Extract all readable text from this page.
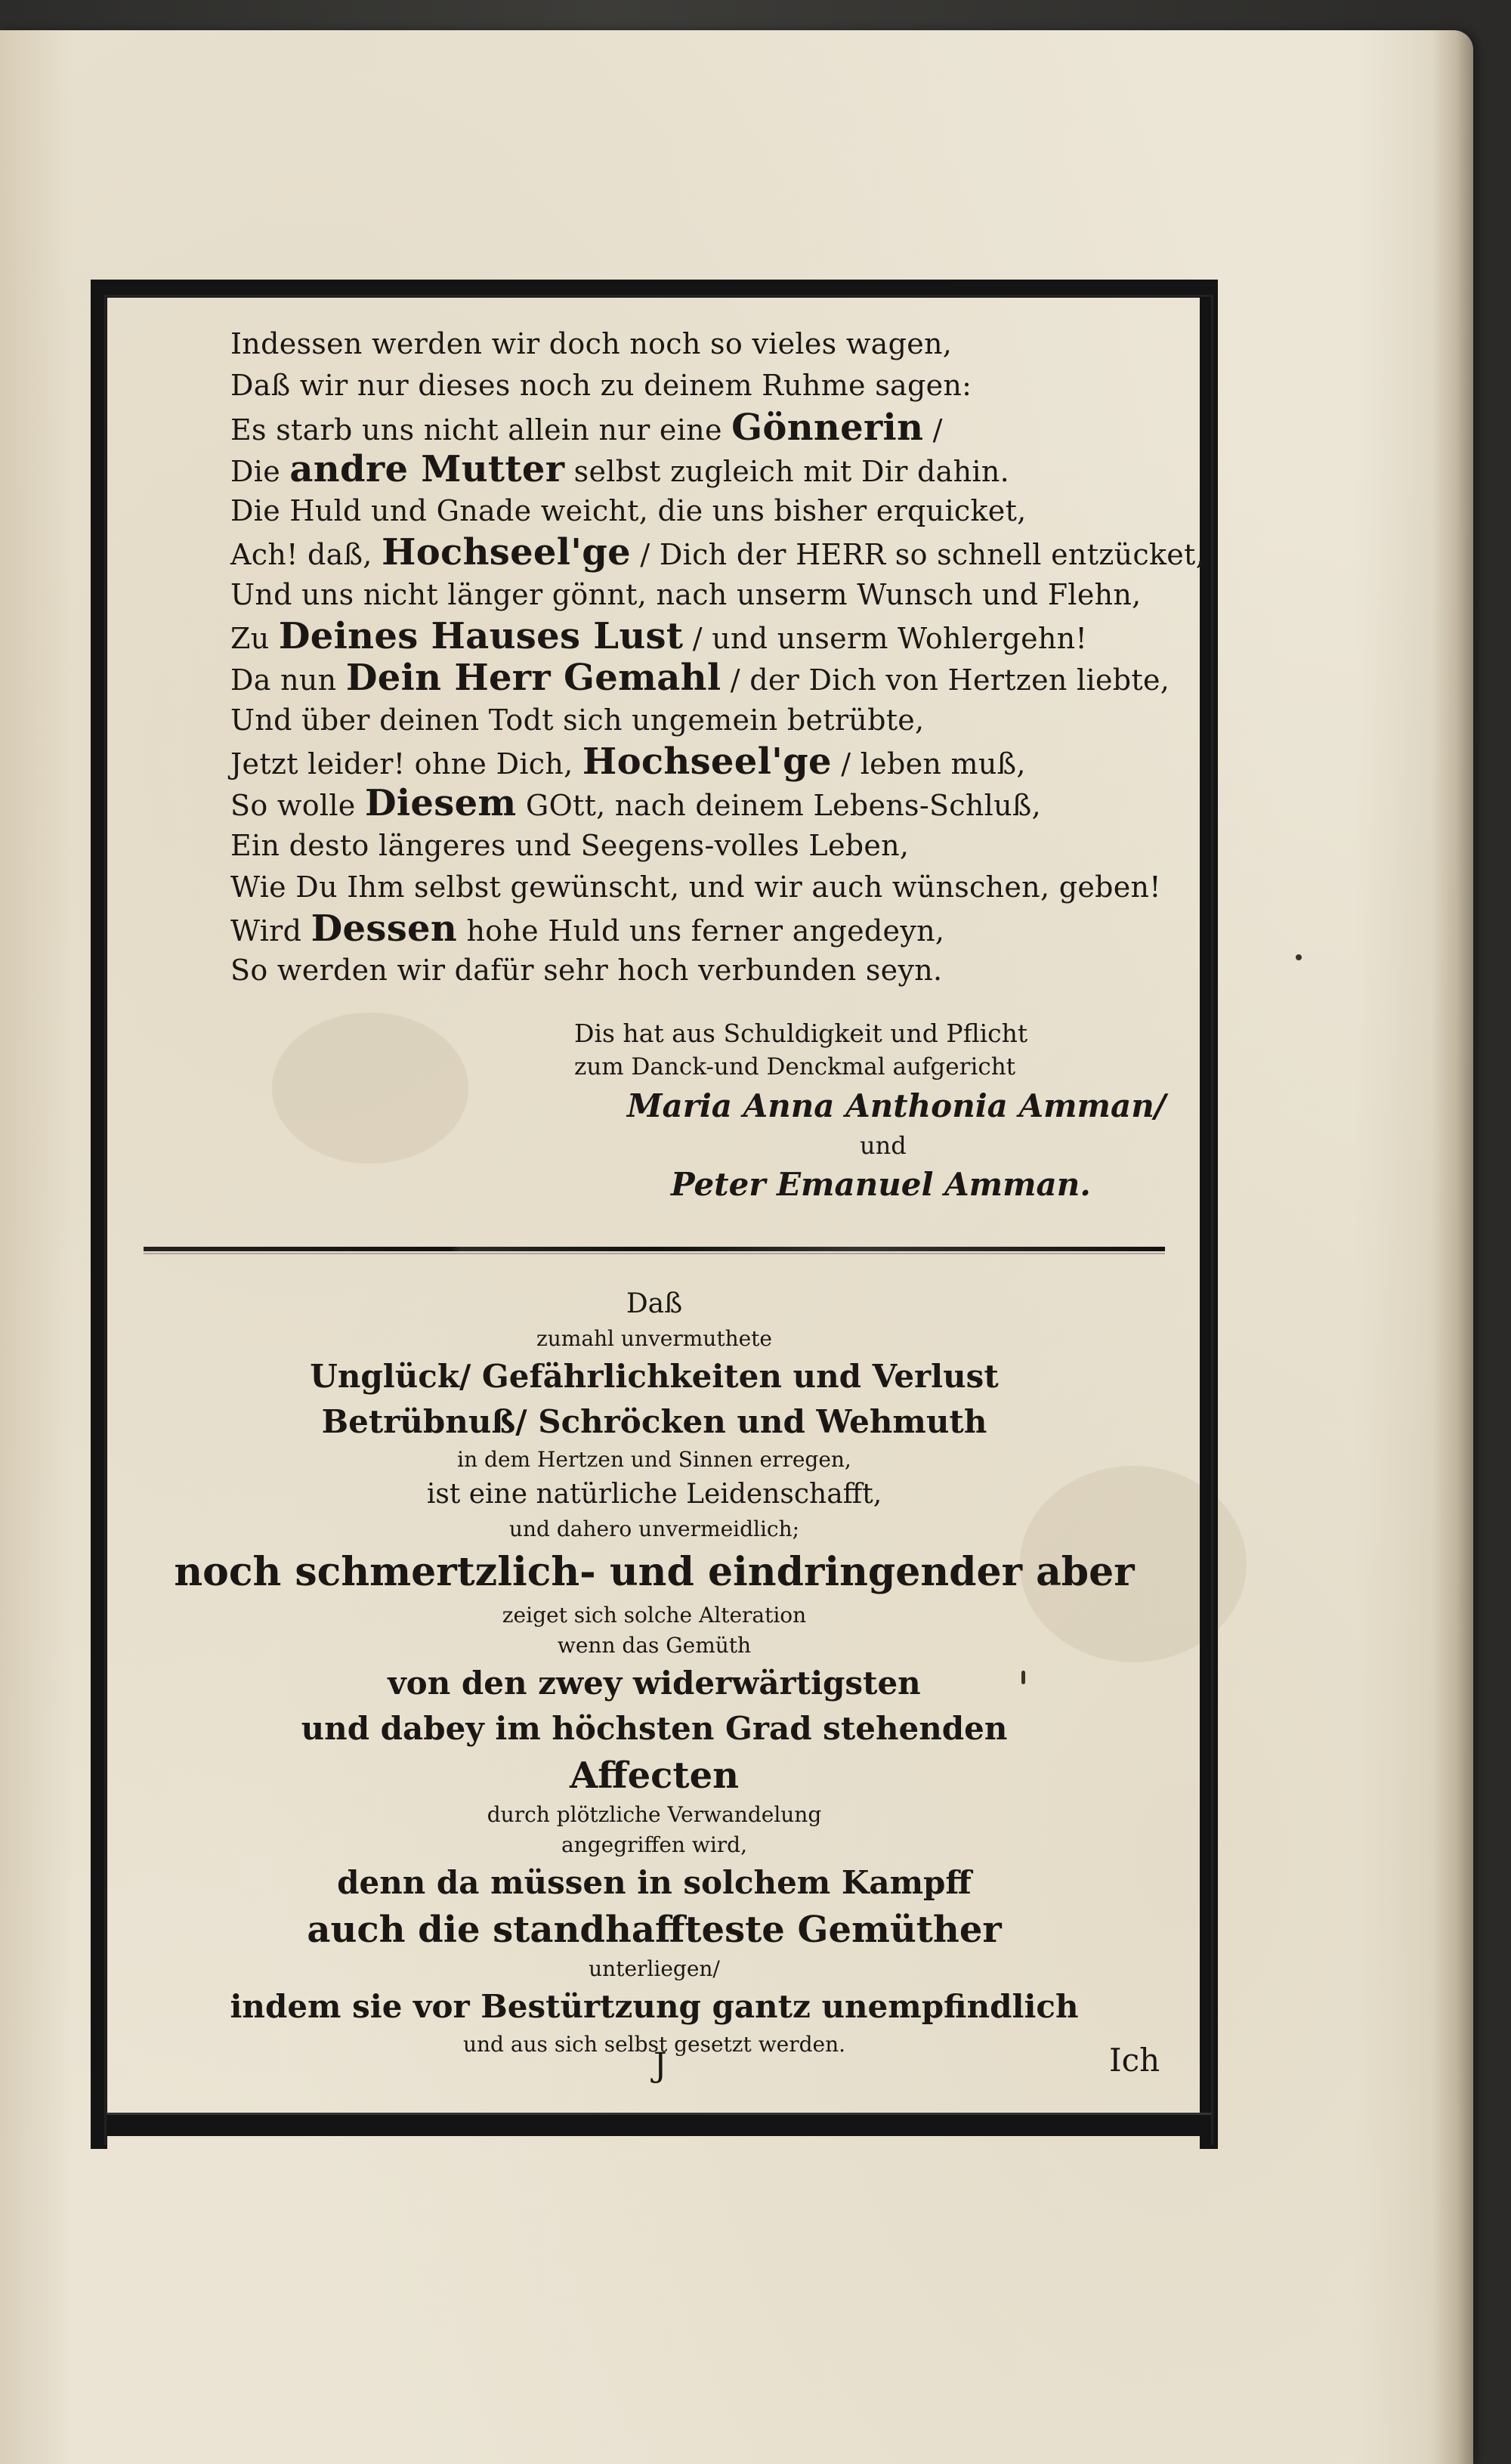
Indessen werden wir doch noch so vieles wagen,
Daß wir nur dieses noch zu deinem Ruhme sagen:
Es starb uns nicht allein nur eine Gönnerin /
Die andre Mutter selbst zugleich mit Dir dahin.
Die Huld und Gnade weicht, die uns bisher erquicket,
Ach! daß, Hochseel'ge / Dich der HERR so schnell entzücket,
Und uns nicht länger gönnt, nach unserm Wunsch und Flehn,
Zu Deines Hauses Lust / und unserm Wohlergehn!
Da nun Dein Herr Gemahl / der Dich von Hertzen liebte,
Und über deinen Todt sich ungemein betrübte,
Jetzt leider! ohne Dich, Hochseel'ge / leben muß,
So wolle Diesem GOtt, nach deinem Lebens-Schluß,
Ein desto längeres und Seegens-volles Leben,
Wie Du Ihm selbst gewünscht, und wir auch wünschen, geben!
Wird Dessen hohe Huld uns ferner angedeyn,
So werden wir dafür sehr hoch verbunden seyn.
Dis hat aus Schuldigkeit und Pflicht
zum Danck-und Denckmal aufgericht
Maria Anna Anthonia Amman/
und
Peter Emanuel Amman.
Daß
zumahl unvermuthete
Unglück/ Gefährlichkeiten und Verlust
Betrübnuß/ Schröcken und Wehmuth
in dem Hertzen und Sinnen erregen,
ist eine natürliche Leidenschafft,
und dahero unvermeidlich;
noch schmertzlich- und eindringender aber
zeiget sich solche Alteration
wenn das Gemüth
von den zwey widerwärtigsten
und dabey im höchsten Grad stehenden
Affecten
durch plötzliche Verwandelung
angegriffen wird,
denn da müssen in solchem Kampff
auch die standhaffteste Gemüther
unterliegen/
indem sie vor Bestürtzung gantz unempfindlich
und aus sich selbst gesetzt werden.
J	Ich
